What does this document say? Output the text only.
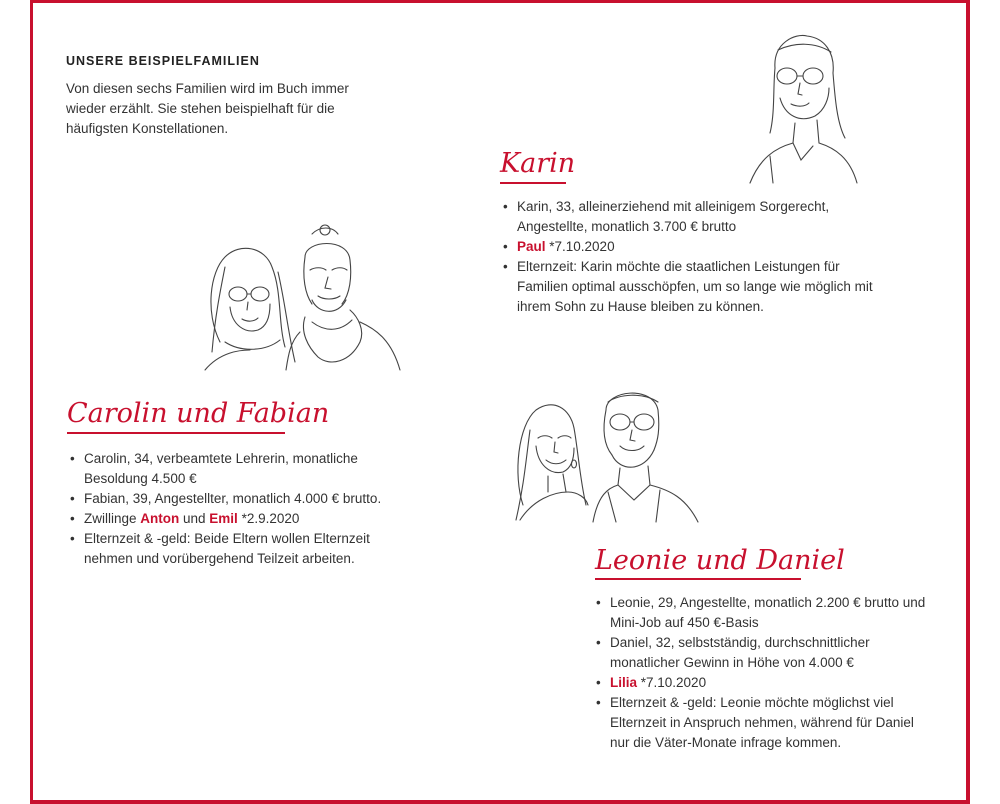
UNSERE BEISPIELFAMILIEN
Von diesen sechs Familien wird im Buch immer wieder erzählt. Sie stehen beispielhaft für die häufigsten Konstellationen.
Karin
• Karin, 33, alleinerziehend mit alleinigem Sorgerecht, Angestellte, monatlich 3.700 € brutto
• Paul *7.10.2020
• Elternzeit: Karin möchte die staatlichen Leistungen für Familien optimal ausschöpfen, um so lange wie möglich mit ihrem Sohn zu Hause bleiben zu können.
Carolin und Fabian
• Carolin, 34, verbeamtete Lehrerin, monatliche Besoldung 4.500 €
• Fabian, 39, Angestellter, monatlich 4.000 € brutto.
• Zwillinge Anton und Emil *2.9.2020
• Elternzeit & -geld: Beide Eltern wollen Elternzeit nehmen und vorübergehend Teilzeit arbeiten.	Leonie und Daniel
• Leonie, 29, Angestellte, monatlich 2.200 € brutto und Mini-Job auf 450 €-Basis
• Daniel, 32, selbstständig, durchschnittlicher monatlicher Gewinn in Höhe von 4.000 €
• Lilia *7.10.2020
• Elternzeit & -geld: Leonie möchte möglichst viel Elternzeit in Anspruch nehmen, während für Daniel nur die Väter-Monate infrage kommen.
